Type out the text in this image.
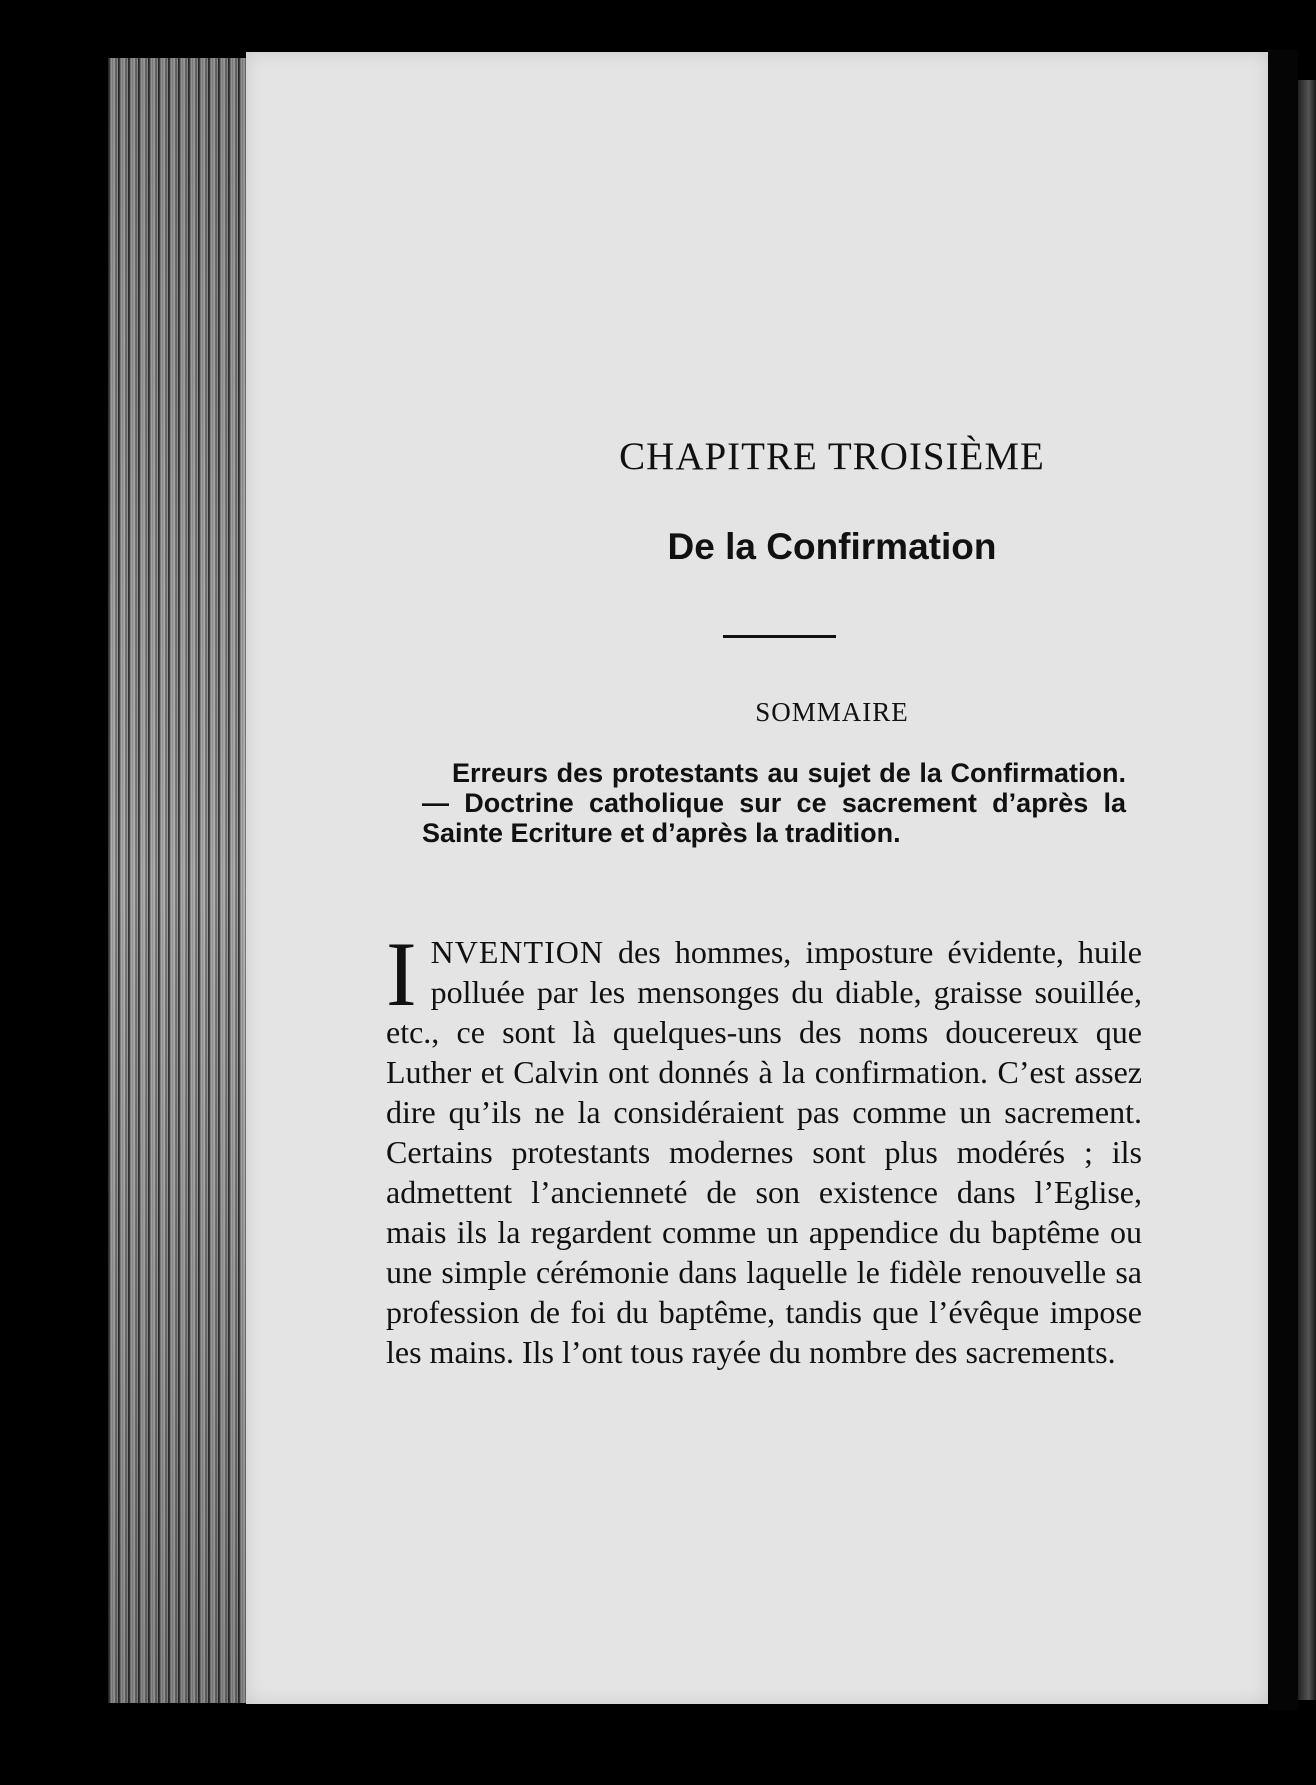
CHAPITRE TROISIÈME
De la Confirmation
SOMMAIRE

Erreurs des protestants au sujet de la Confirmation. — Doctrine catholique sur ce sacrement d’après la Sainte Ecriture et d’après la tradition.

INVENTION des hommes, imposture évidente, huile polluée par les mensonges du diable, graisse souillée, etc., ce sont là quelques-uns des noms doucereux que Luther et Calvin ont donnés à la confirmation. C’est assez dire qu’ils ne la considéraient pas comme un sacrement. Certains protestants modernes sont plus modérés ; ils admettent l’ancienneté de son existence dans l’Eglise, mais ils la regardent comme un appendice du baptême ou une simple cérémonie dans laquelle le fidèle renouvelle sa profession de foi du baptême, tandis que l’évêque impose les mains. Ils l’ont tous rayée du nombre des sacrements.
